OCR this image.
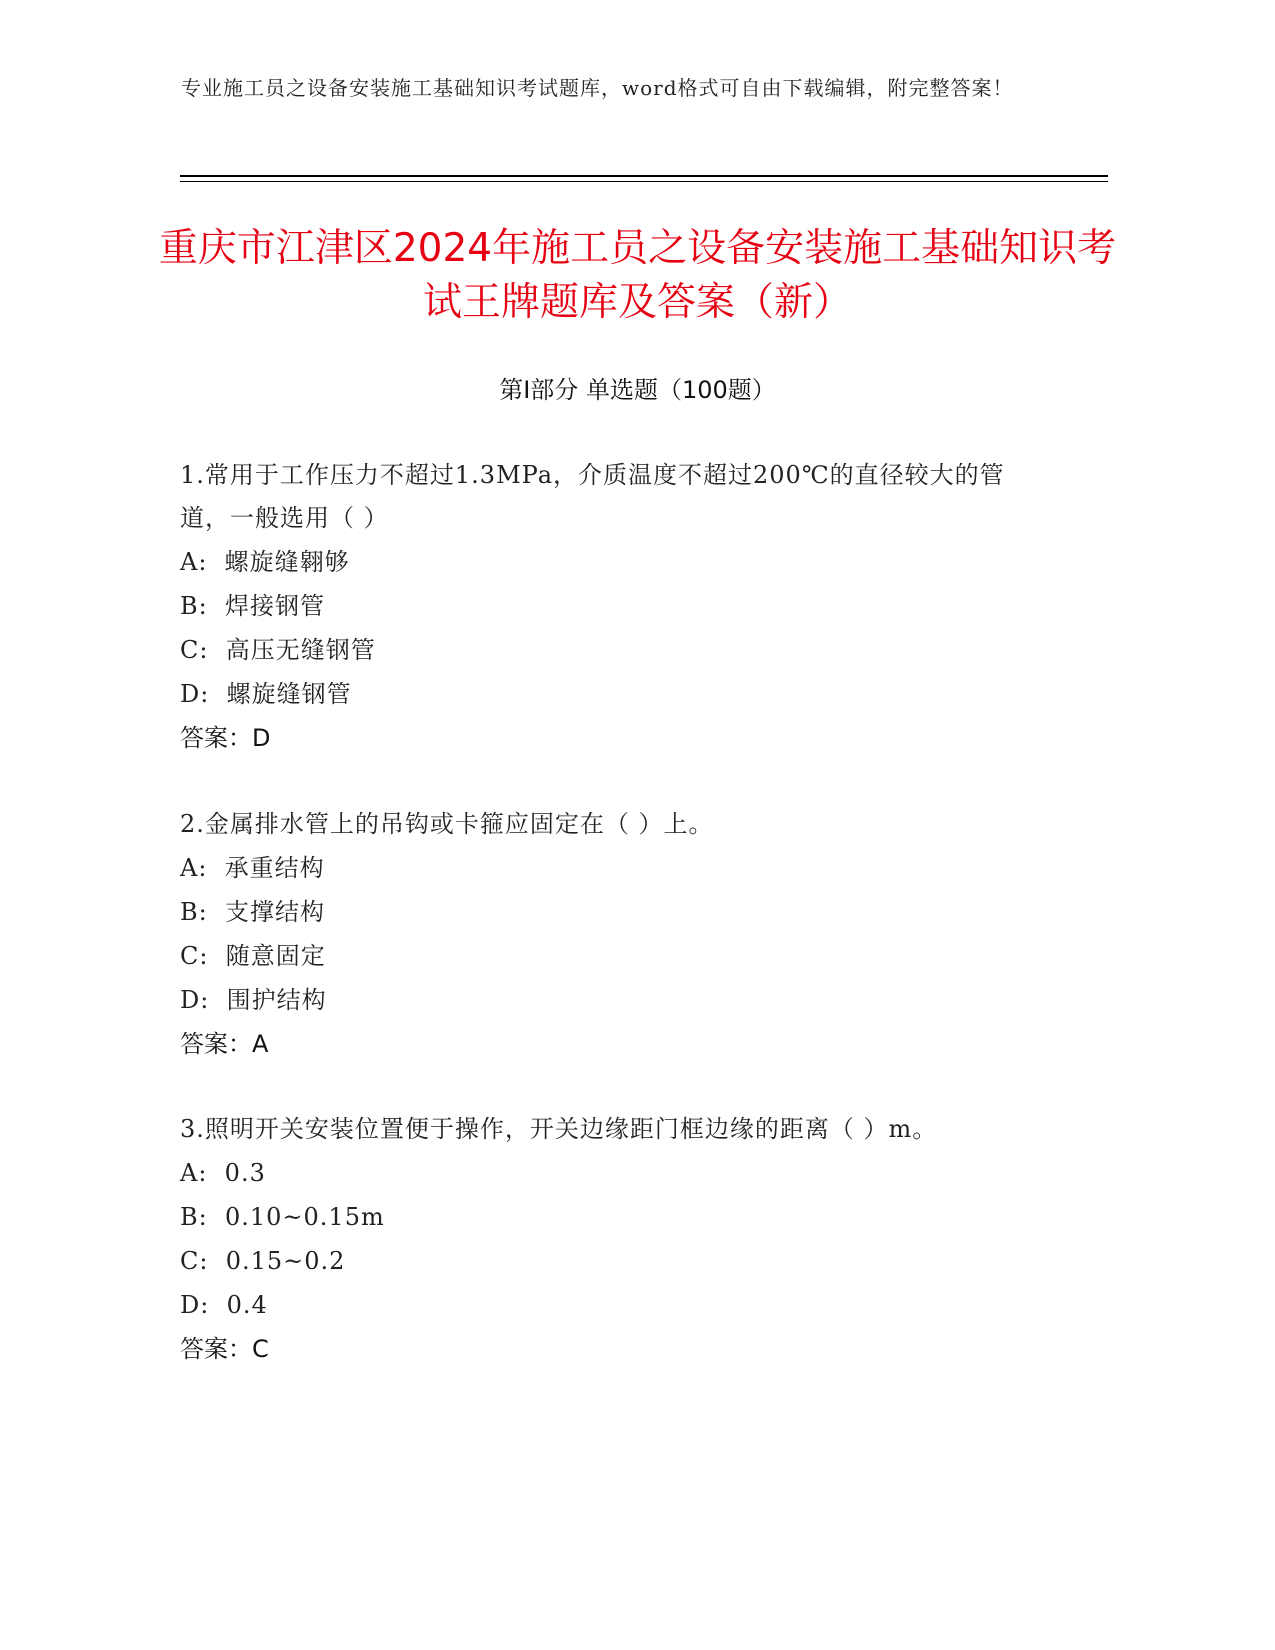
专业施工员之设备安装施工基础知识考试题库，word格式可自由下载编辑，附完整答案！
重庆市江津区2024年施工员之设备安装施工基础知识考试王牌题库及答案（新）
第Ⅰ部分 单选题（100题）
1.常用于工作压力不超过1.3MPa，介质温度不超过200℃的直径较大的管道，一般选用（ ）
A:  螺旋缝翱够
B:  焊接钢管
C:  高压无缝钢管
D:  螺旋缝钢管
答案：D
2.金属排水管上的吊钩或卡箍应固定在（ ）上。
A:  承重结构
B:  支撑结构
C:  随意固定
D:  围护结构
答案：A
3.照明开关安装位置便于操作，开关边缘距门框边缘的距离（ ）m。
A:  0.3
B:  0.10~0.15m
C:  0.15~0.2
D:  0.4
答案：C
